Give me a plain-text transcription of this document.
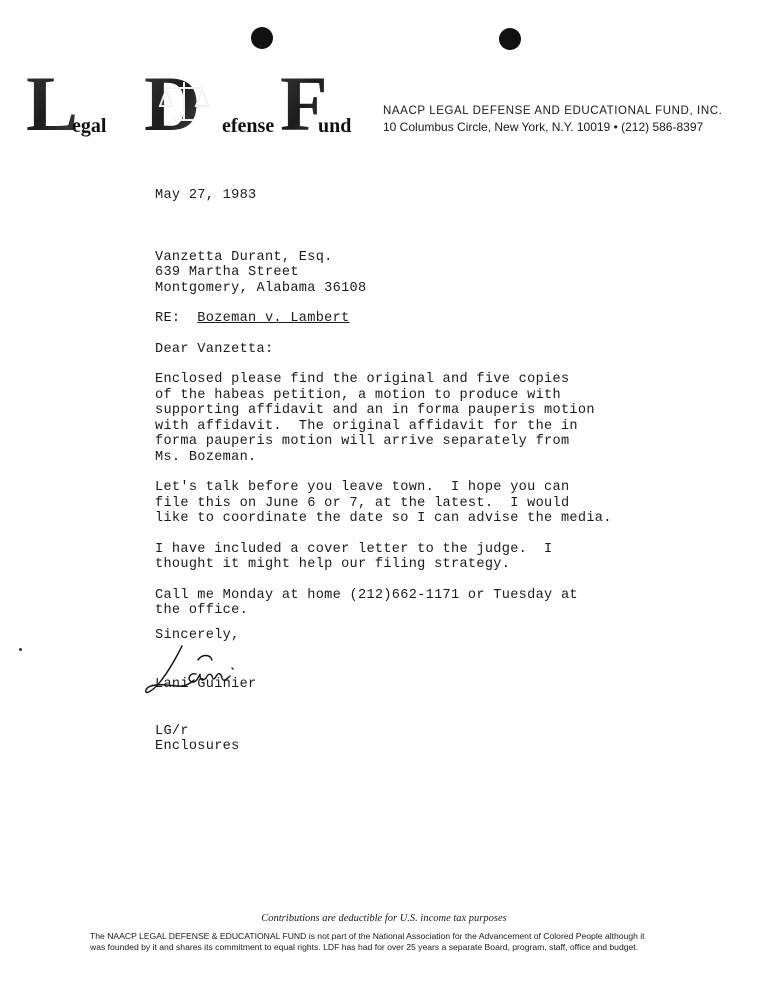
L
egal D efense F
und
NAACP LEGAL DEFENSE AND EDUCATIONAL FUND, INC.
10 Columbus Circle, New York, N.Y. 10019 • (212) 586-8397
May 27, 1983
Vanzetta Durant, Esq.
639 Martha Street
Montgomery, Alabama 36108
RE: Bozeman v. Lambert
Dear Vanzetta:
Enclosed please find the original and five copies
of the habeas petition, a motion to produce with
supporting affidavit and an in forma pauperis motion
with affidavit.  The original affidavit for the in
forma pauperis motion will arrive separately from
Ms. Bozeman.
Let's talk before you leave town.  I hope you can
file this on June 6 or 7, at the latest.  I would
like to coordinate the date so I can advise the media.
I have included a cover letter to the judge.  I
thought it might help our filing strategy.
Call me Monday at home (212)662-1171 or Tuesday at
the office.
Sincerely,
Lani Guinier
LG/r
Enclosures
Contributions are deductible for U.S. income tax purposes
The NAACP LEGAL DEFENSE & EDUCATIONAL FUND is not part of the National Association for the Advancement of Colored People although it
was founded by it and shares its commitment to equal rights. LDF has had for over 25 years a separate Board, program, staff, office and budget.
